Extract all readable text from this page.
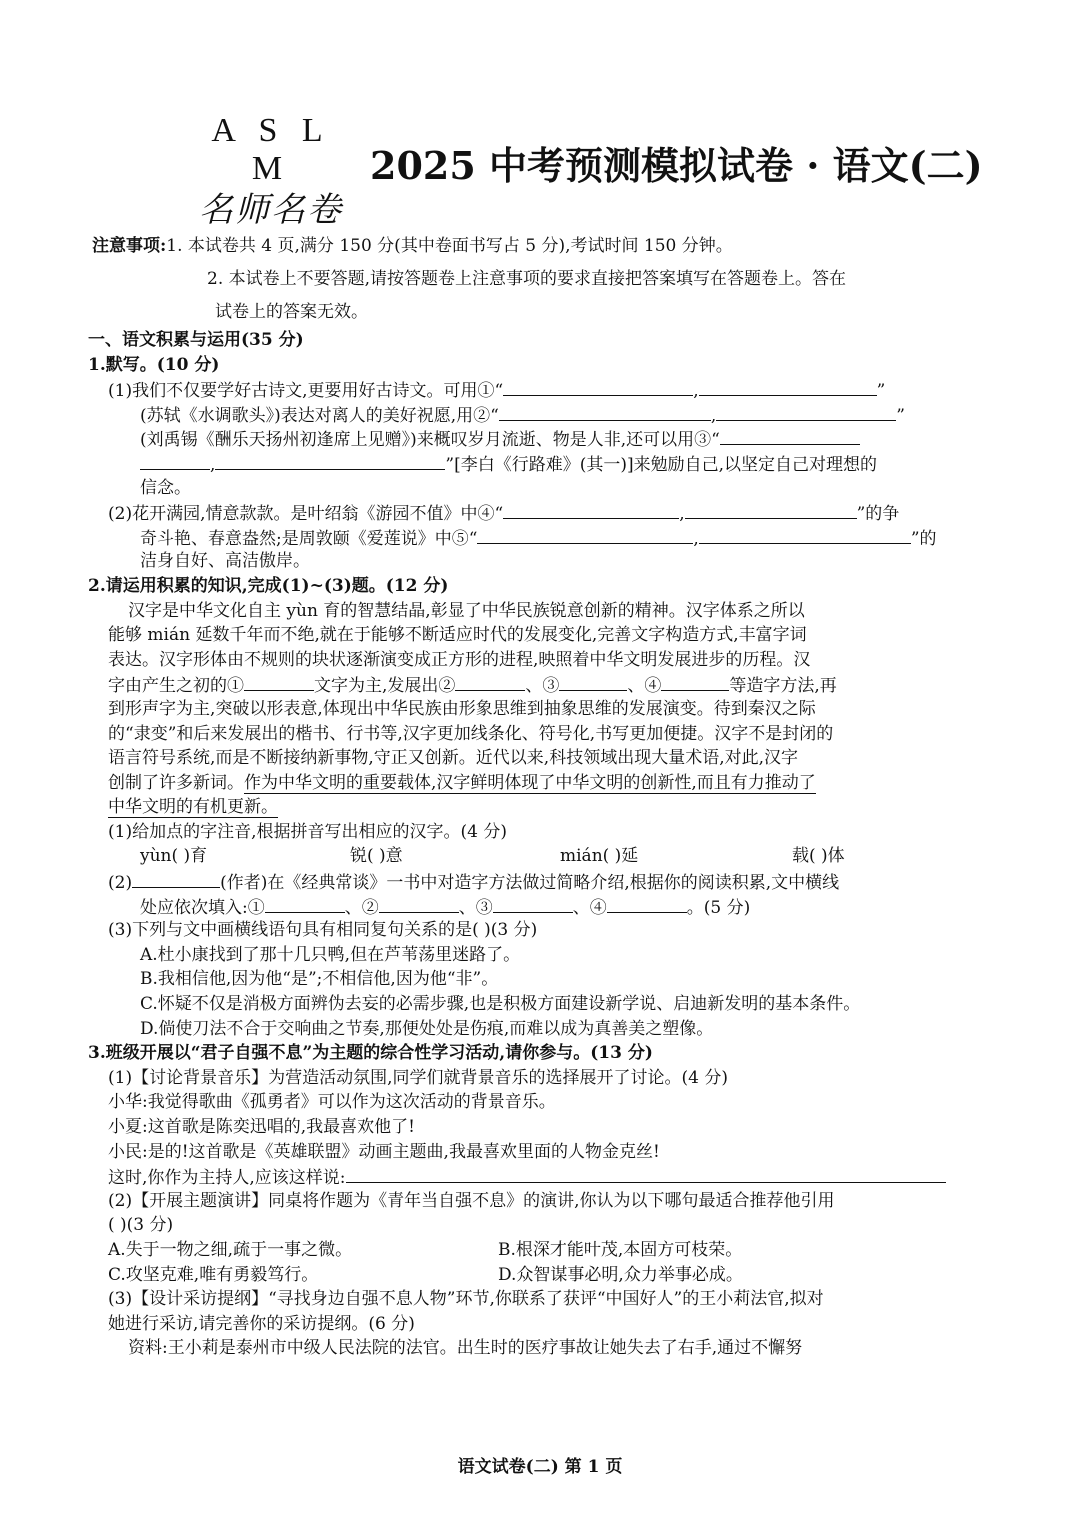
A S L M
名师名卷
2025 中考预测模拟试卷 · 语文(二)
注意事项:1. 本试卷共 4 页,满分 150 分(其中卷面书写占 5 分),考试时间 150 分钟。
2. 本试卷上不要答题,请按答题卷上注意事项的要求直接把答案填写在答题卷上。答在
试卷上的答案无效。
一、语文积累与运用(35 分)
1.默写。(10 分)
(1)我们不仅要学好古诗文,更要用好古诗文。可用①“	,	”
(苏轼《水调歌头》)表达对离人的美好祝愿,用②“	,	”
(刘禹锡《酬乐天扬州初逢席上见赠》)来概叹岁月流逝、物是人非,还可以用③“
,	”[李白《行路难》(其一)]来勉励自己,以坚定自己对理想的
信念。
(2)花开满园,情意款款。是叶绍翁《游园不值》中④“	,	”的争
奇斗艳、春意盎然;是周敦颐《爱莲说》中⑤“	,	”的
洁身自好、高洁傲岸。
2.请运用积累的知识,完成(1)~(3)题。(12 分)
汉字是中华文化自主 yùn 育的智慧结晶,彰显了中华民族锐意创新的精神。汉字体系之所以
能够 mián 延数千年而不绝,就在于能够不断适应时代的发展变化,完善文字构造方式,丰富字词
表达。汉字形体由不规则的块状逐渐演变成正方形的进程,映照着中华文明发展进步的历程。汉
字由产生之初的①	文字为主,发展出②	、③	、④	等造字方法,再
到形声字为主,突破以形表意,体现出中华民族由形象思维到抽象思维的发展演变。待到秦汉之际
的“隶变”和后来发展出的楷书、行书等,汉字更加线条化、符号化,书写更加便捷。汉字不是封闭的
语言符号系统,而是不断接纳新事物,守正又创新。近代以来,科技领域出现大量术语,对此,汉字
创制了许多新词。作为中华文明的重要载体,汉字鲜明体现了中华文明的创新性,而且有力推动了
中华文明的有机更新。
(1)给加点的字注音,根据拼音写出相应的汉字。(4 分)
yùn( )育	锐( )意	mián( )延	载( )体
(2)	(作者)在《经典常谈》一书中对造字方法做过简略介绍,根据你的阅读积累,文中横线
处应依次填入:①	、②	、③	、④	。(5 分)
(3)下列与文中画横线语句具有相同复句关系的是( )(3 分)
A.杜小康找到了那十几只鸭,但在芦苇荡里迷路了。
B.我相信他,因为他“是”;不相信他,因为他“非”。
C.怀疑不仅是消极方面辨伪去妄的必需步骤,也是积极方面建设新学说、启迪新发明的基本条件。
D.倘使刀法不合于交响曲之节奏,那便处处是伤痕,而难以成为真善美之塑像。
3.班级开展以“君子自强不息”为主题的综合性学习活动,请你参与。(13 分)
(1)【讨论背景音乐】为营造活动氛围,同学们就背景音乐的选择展开了讨论。(4 分)
小华:我觉得歌曲《孤勇者》可以作为这次活动的背景音乐。
小夏:这首歌是陈奕迅唱的,我最喜欢他了!
小民:是的!这首歌是《英雄联盟》动画主题曲,我最喜欢里面的人物金克丝!
这时,你作为主持人,应该这样说:
(2)【开展主题演讲】同桌将作题为《青年当自强不息》的演讲,你认为以下哪句最适合推荐他引用
( )(3 分)
A.失于一物之细,疏于一事之微。	B.根深才能叶茂,本固方可枝荣。
C.攻坚克难,唯有勇毅笃行。	D.众智谋事必明,众力举事必成。
(3)【设计采访提纲】“寻找身边自强不息人物”环节,你联系了获评“中国好人”的王小莉法官,拟对
她进行采访,请完善你的采访提纲。(6 分)
资料:王小莉是泰州市中级人民法院的法官。出生时的医疗事故让她失去了右手,通过不懈努
语文试卷(二) 第 1 页
